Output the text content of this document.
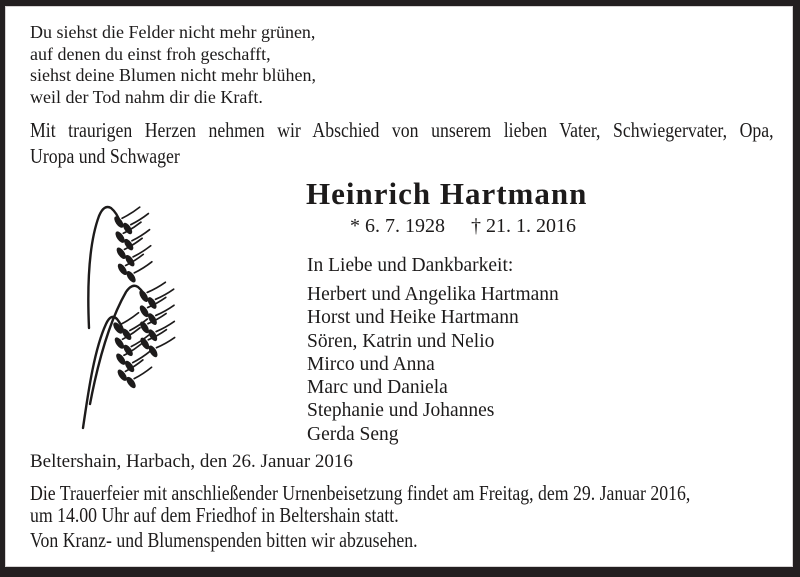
Du siehst die Felder nicht mehr grünen,
auf denen du einst froh geschafft,
siehst deine Blumen nicht mehr blühen,
weil der Tod nahm dir die Kraft.
Mit traurigen Herzen nehmen wir Abschied von unserem lieben Vater, Schwiegervater, Opa,
Uropa und Schwager
Heinrich Hartmann
* 6. 7. 1928 † 21. 1. 2016
In Liebe und Dankbarkeit:
Herbert und Angelika Hartmann
Horst und Heike Hartmann
Sören, Katrin und Nelio
Mirco und Anna
Marc und Daniela
Stephanie und Johannes
Gerda Seng
Beltershain, Harbach, den 26. Januar 2016
Die Trauerfeier mit anschließender Urnenbeisetzung findet am Freitag, dem 29. Januar 2016,
um 14.00 Uhr auf dem Friedhof in Beltershain statt.
Von Kranz- und Blumenspenden bitten wir abzusehen.
